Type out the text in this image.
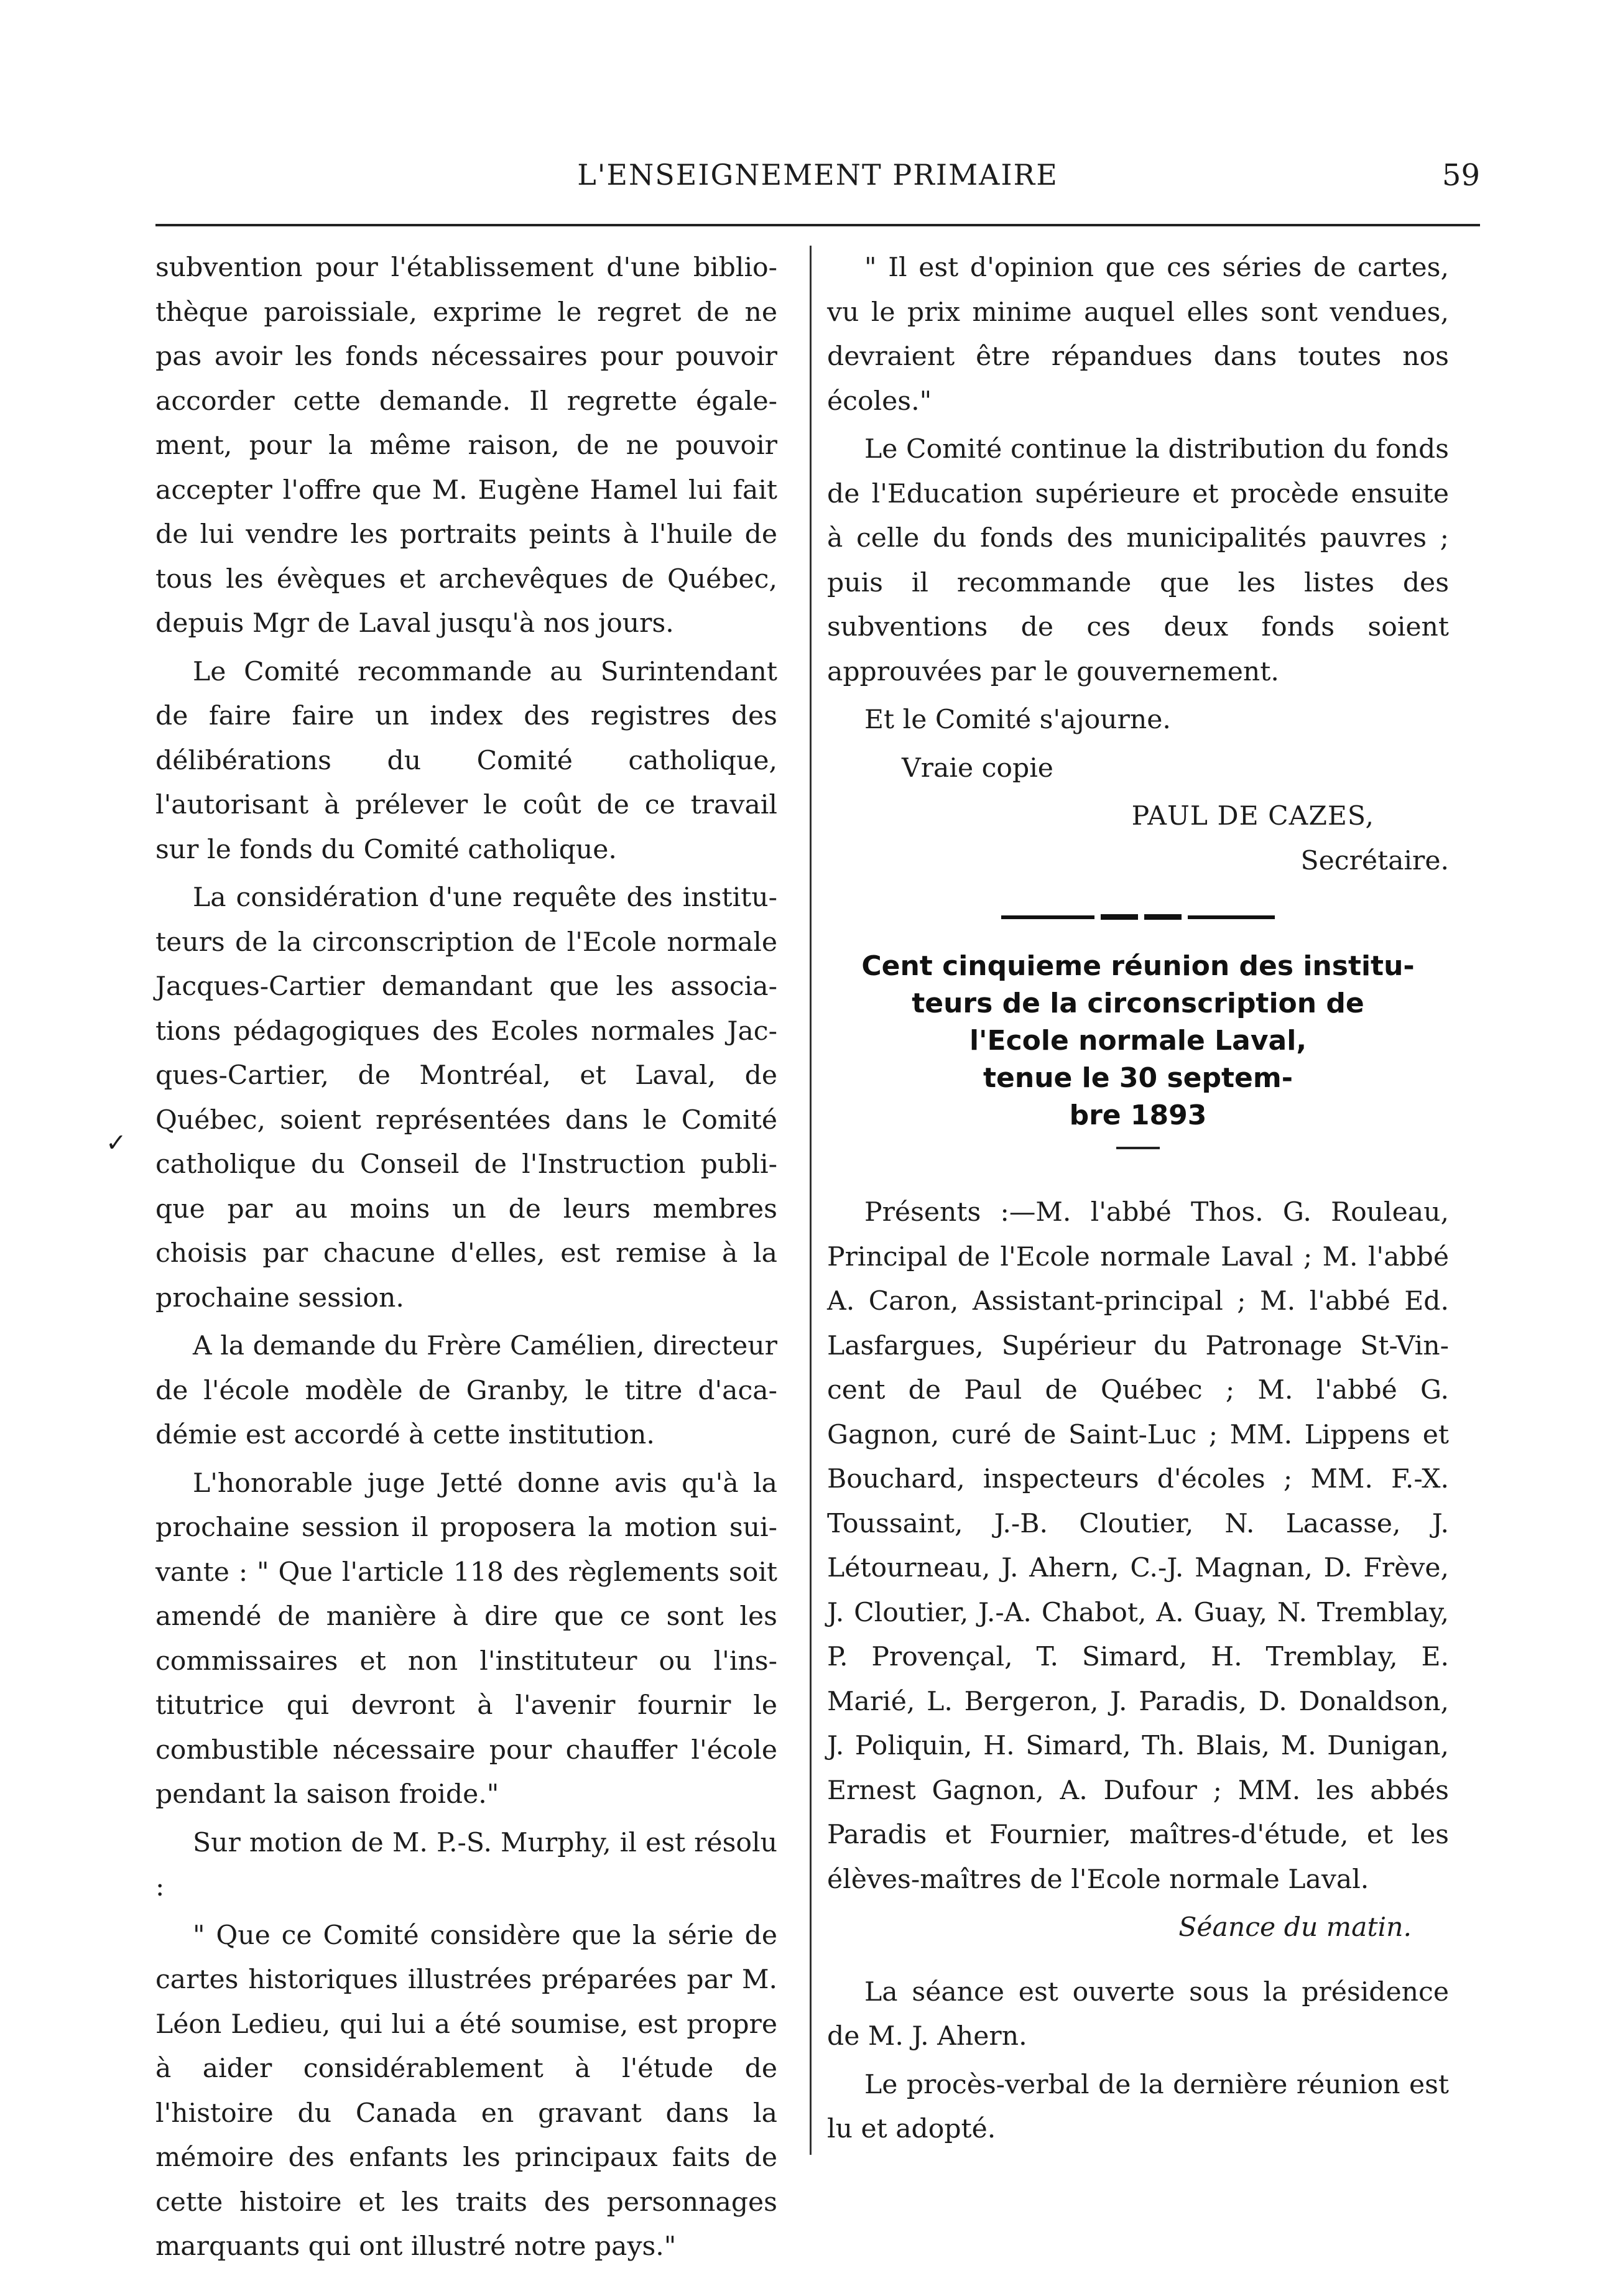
L'ENSEIGNEMENT PRIMAIRE	59

subvention pour l'établissement d'une bibliothèque paroissiale, exprime le regret de ne pas avoir les fonds nécessaires pour pouvoir accorder cette demande. Il regrette également, pour la même raison, de ne pouvoir accepter l'offre que M. Eugène Hamel lui fait de lui vendre les portraits peints à l'huile de tous les évèques et archevêques de Québec, depuis Mgr de Laval jusqu'à nos jours.

Le Comité recommande au Surintendant de faire faire un index des registres des délibérations du Comité catholique, l'autorisant à prélever le coût de ce travail sur le fonds du Comité catholique.

La considération d'une requête des instituteurs de la circonscription de l'Ecole normale Jacques-Cartier demandant que les associations pédagogiques des Ecoles normales Jacques-Cartier, de Montréal, et Laval, de Québec, soient représentées dans le Comité catholique du Conseil de l'Instruction publique par au moins un de leurs membres choisis par chacune d'elles, est remise à la prochaine session.

A la demande du Frère Camélien, directeur de l'école modèle de Granby, le titre d'académie est accordé à cette institution.

L'honorable juge Jetté donne avis qu'à la prochaine session il proposera la motion suivante : " Que l'article 118 des règlements soit amendé de manière à dire que ce sont les commissaires et non l'instituteur ou l'institutrice qui devront à l'avenir fournir le combustible nécessaire pour chauffer l'école pendant la saison froide."

Sur motion de M. P.-S. Murphy, il est résolu :

" Que ce Comité considère que la série de cartes historiques illustrées préparées par M. Léon Ledieu, qui lui a été soumise, est propre à aider considérablement à l'étude de l'histoire du Canada en gravant dans la mémoire des enfants les principaux faits de cette histoire et les traits des personnages marquants qui ont illustré notre pays."

" Il est d'opinion que ces séries de cartes, vu le prix minime auquel elles sont vendues, devraient être répandues dans toutes nos écoles."

Le Comité continue la distribution du fonds de l'Education supérieure et procède ensuite à celle du fonds des municipalités pauvres ; puis il recommande que les listes des subventions de ces deux fonds soient approuvées par le gouvernement.

Et le Comité s'ajourne.

Vraie copie

PAUL DE CAZES,
Secrétaire.
Cent cinquieme réunion des institu-
teurs de la circonscription de
l'Ecole normale Laval,
tenue le 30 septem-
bre 1893

Présents :—M. l'abbé Thos. G. Rouleau, Principal de l'Ecole normale Laval ; M. l'abbé A. Caron, Assistant-principal ; M. l'abbé Ed. Lasfargues, Supérieur du Patronage St-Vincent de Paul de Québec ; M. l'abbé G. Gagnon, curé de Saint-Luc ; MM. Lippens et Bouchard, inspecteurs d'écoles ; MM. F.-X. Toussaint, J.-B. Cloutier, N. Lacasse, J. Létourneau, J. Ahern, C.-J. Magnan, D. Frève, J. Cloutier, J.-A. Chabot, A. Guay, N. Tremblay, P. Provençal, T. Simard, H. Tremblay, E. Marié, L. Bergeron, J. Paradis, D. Donaldson, J. Poliquin, H. Simard, Th. Blais, M. Dunigan, Ernest Gagnon, A. Dufour ; MM. les abbés Paradis et Fournier, maîtres-d'étude, et les élèves-maîtres de l'Ecole normale Laval.

Séance du matin.

La séance est ouverte sous la présidence de M. J. Ahern.

Le procès-verbal de la dernière réunion est lu et adopté.

✓
